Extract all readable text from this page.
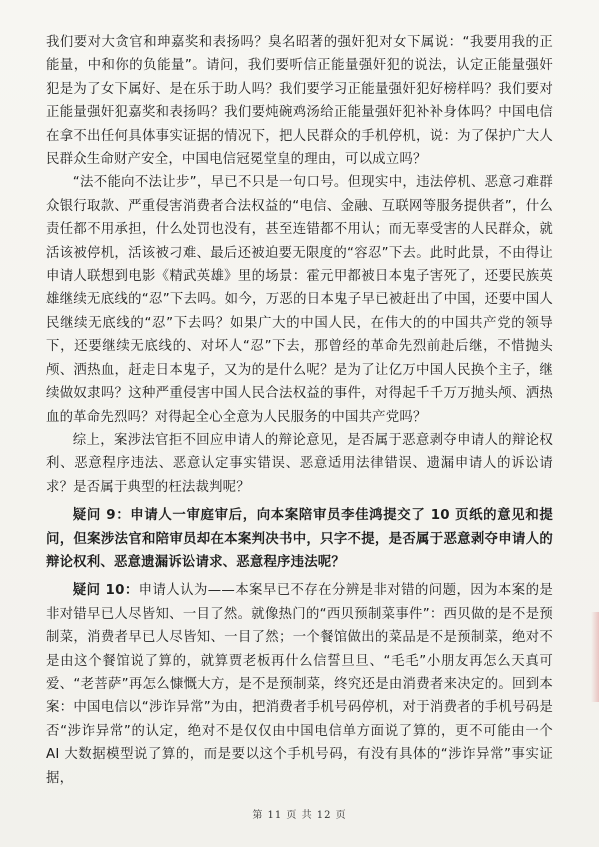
我们要对大贪官和珅嘉奖和表扬吗？臭名昭著的强奸犯对女下属说：“我要用我的正能量，中和你的负能量”。请问，我们要听信正能量强奸犯的说法，认定正能量强奸犯是为了女下属好、是在乐于助人吗？我们要学习正能量强奸犯好榜样吗？我们要对正能量强奸犯嘉奖和表扬吗？我们要炖碗鸡汤给正能量强奸犯补补身体吗？中国电信在拿不出任何具体事实证据的情况下，把人民群众的手机停机，说：为了保护广大人民群众生命财产安全，中国电信冠冕堂皇的理由，可以成立吗？

“法不能向不法让步”，早已不只是一句口号。但现实中，违法停机、恶意刁难群众银行取款、严重侵害消费者合法权益的“电信、金融、互联网等服务提供者”，什么责任都不用承担，什么处罚也没有，甚至连错都不用认；而无辜受害的人民群众，就活该被停机，活该被刁难、最后还被迫要无限度的“容忍”下去。此时此景，不由得让申请人联想到电影《精武英雄》里的场景：霍元甲都被日本鬼子害死了，还要民族英雄继续无底线的“忍”下去吗。如今，万恶的日本鬼子早已被赶出了中国，还要中国人民继续无底线的“忍”下去吗？如果广大的中国人民，在伟大的的中国共产党的领导下，还要继续无底线的、对坏人“忍”下去，那曾经的革命先烈前赴后继，不惜抛头颅、洒热血，赶走日本鬼子，又为的是什么呢？是为了让亿万中国人民换个主子，继续做奴隶吗？这种严重侵害中国人民合法权益的事件，对得起千千万万抛头颅、洒热血的革命先烈吗？对得起全心全意为人民服务的中国共产党吗？

综上，案涉法官拒不回应申请人的辩论意见，是否属于恶意剥夺申请人的辩论权利、恶意程序违法、恶意认定事实错误、恶意适用法律错误、遗漏申请人的诉讼请求？是否属于典型的枉法裁判呢？

疑问 9：申请人一审庭审后，向本案陪审员李佳鸿提交了 10 页纸的意见和提问，但案涉法官和陪审员却在本案判决书中，只字不提，是否属于恶意剥夺申请人的辩论权利、恶意遗漏诉讼请求、恶意程序违法呢？

疑问 10：申请人认为——本案早已不存在分辨是非对错的问题，因为本案的是非对错早已人尽皆知、一目了然。就像热门的“西贝预制菜事件”：西贝做的是不是预制菜，消费者早已人尽皆知、一目了然；一个餐馆做出的菜品是不是预制菜，绝对不是由这个餐馆说了算的，就算贾老板再什么信誓旦旦、“毛毛”小朋友再怎么天真可爱、“老菩萨”再怎么慷慨大方，是不是预制菜，终究还是由消费者来决定的。回到本案：中国电信以“涉诈异常”为由，把消费者手机号码停机，对于消费者的手机号码是否“涉诈异常”的认定，绝对不是仅仅由中国电信单方面说了算的，更不可能由一个 AI 大数据模型说了算的，而是要以这个手机号码，有没有具体的“涉诈异常”事实证据，

第 11 页 共 12 页
